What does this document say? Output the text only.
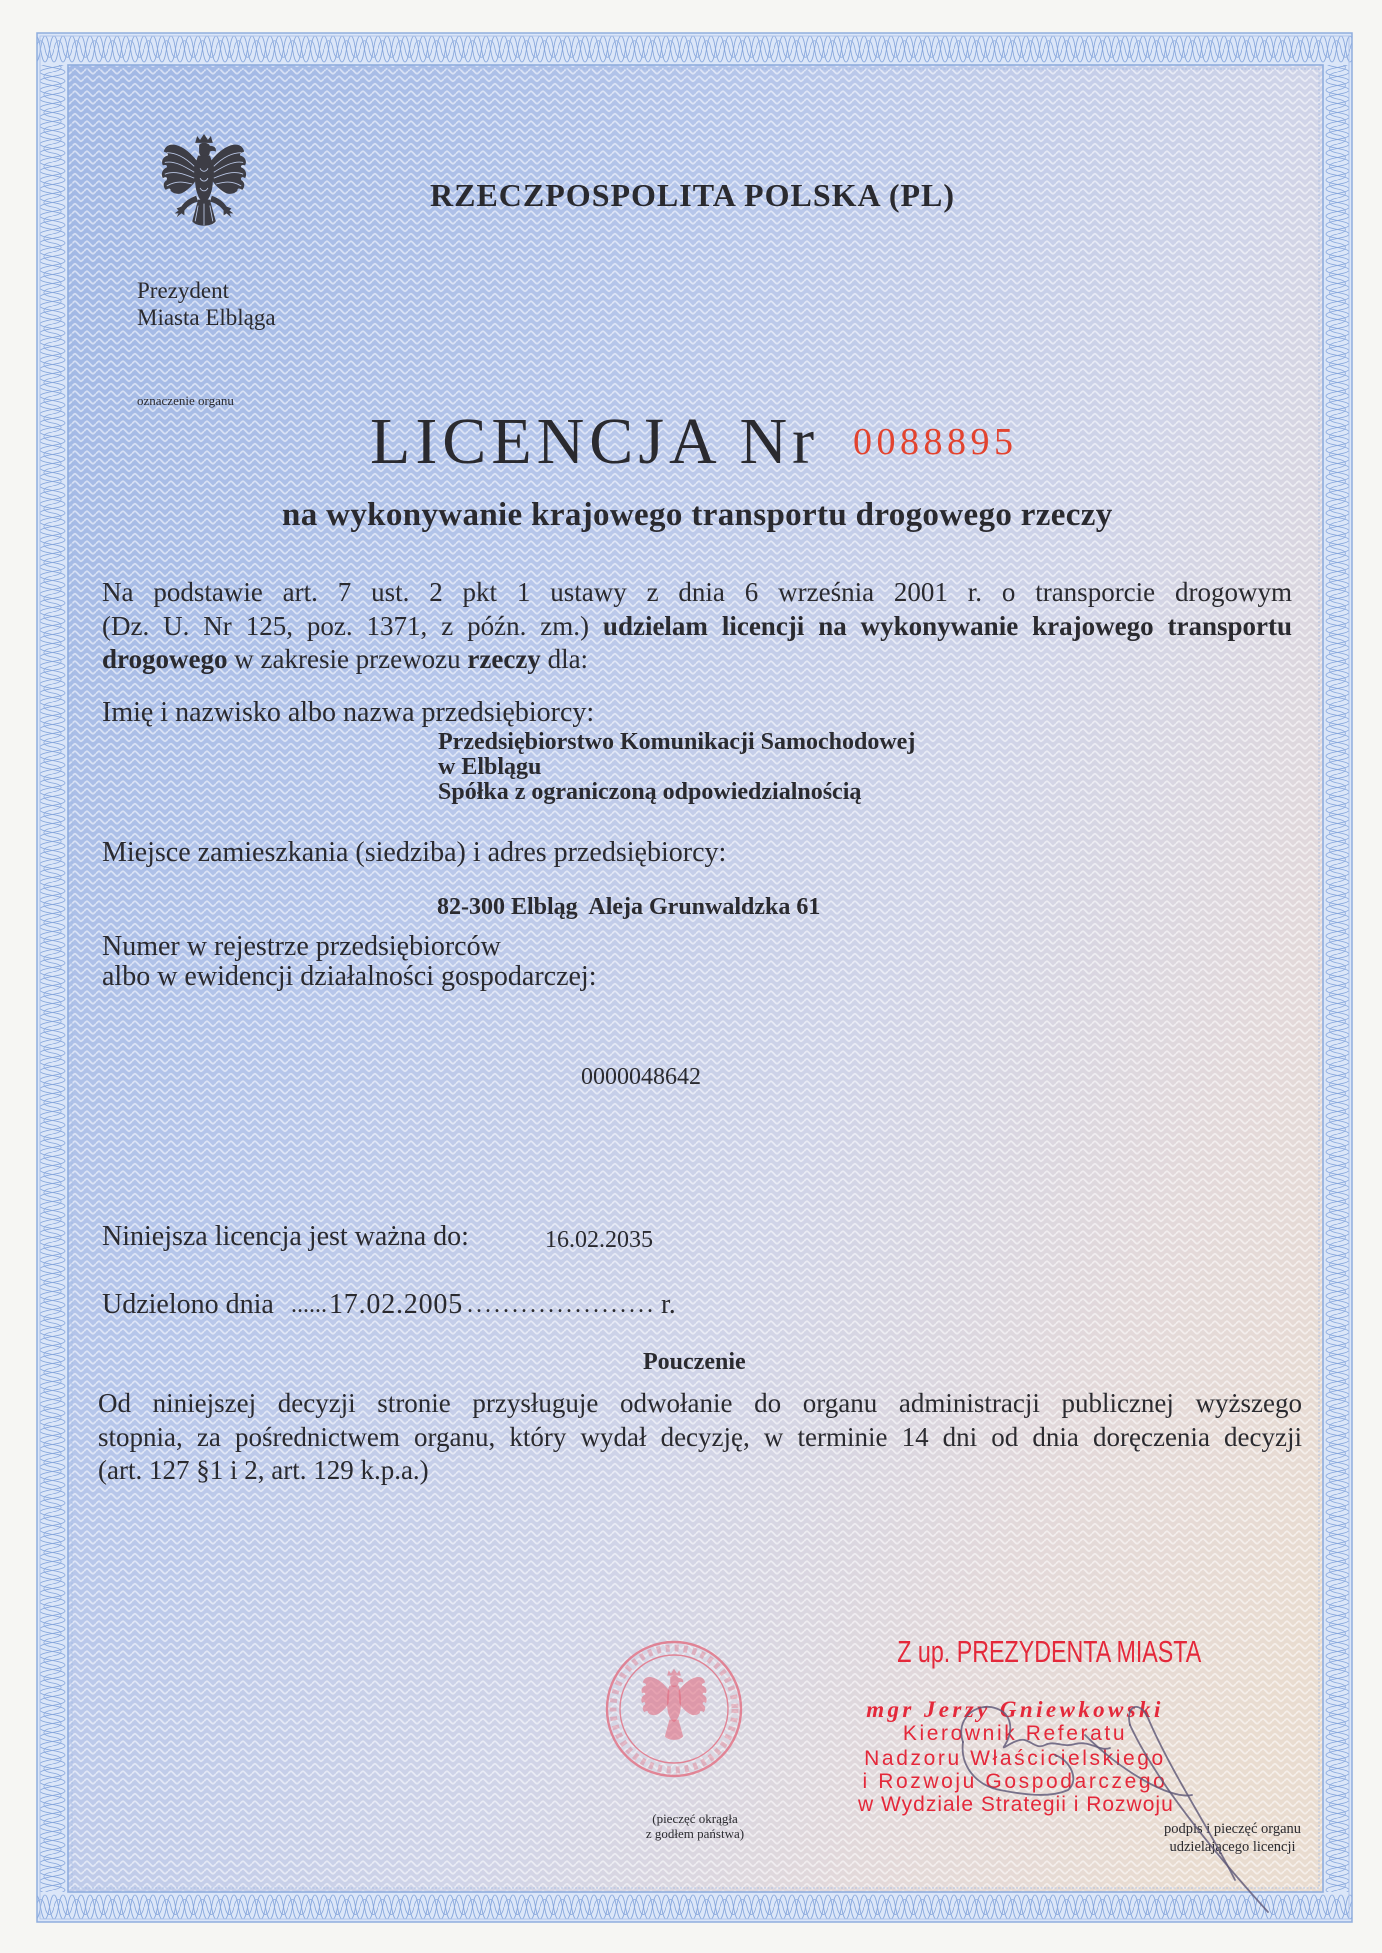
RZECZPOSPOLITA POLSKA (PL)
Prezydent
Miasta Elbląga
oznaczenie organu
LICENCJA Nr 0088895
na wykonywanie krajowego transportu drogowego rzeczy
Na podstawie art. 7 ust. 2 pkt 1 ustawy z dnia 6 września 2001 r. o transporcie drogowym
(Dz. U. Nr 125, poz. 1371, z późn. zm.) udzielam licencji na wykonywanie krajowego transportu
drogowego w zakresie przewozu rzeczy dla:
Imię i nazwisko albo nazwa przedsiębiorcy:
Przedsiębiorstwo Komunikacji Samochodowej
w Elblągu
Spółka z ograniczoną odpowiedzialnością
Miejsce zamieszkania (siedziba) i adres przedsiębiorcy:
82-300 Elbląg  Aleja Grunwaldzka 61
Numer w rejestrze przedsiębiorców
albo w ewidencji działalności gospodarczej:
0000048642
Niniejsza licencja jest ważna do:	16.02.2035
Udzielono dnia ...... 17.02.2005 ..................... r.
Pouczenie
Od niniejszej decyzji stronie przysługuje odwołanie do organu administracji publicznej wyższego
stopnia, za pośrednictwem organu, który wydał decyzję, w terminie 14 dni od dnia doręczenia decyzji
(art. 127 §1 i 2, art. 129 k.p.a.)
(pieczęć okrągła
z godłem państwa)
Z up. PREZYDENTA MIASTA
mgr Jerzy Gniewkowski
Kierownik Referatu
Nadzoru Właścicielskiego
i Rozwoju Gospodarczego
w Wydziale Strategii i Rozwoju
podpis i pieczęć organu
udzielającego licencji
